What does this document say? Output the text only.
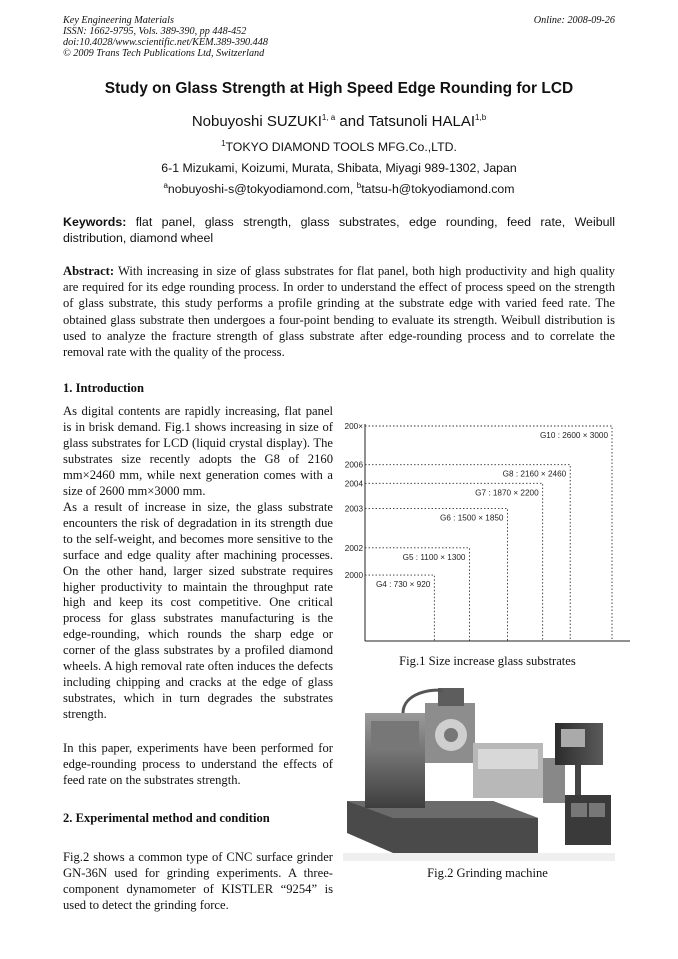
Key Engineering Materials
ISSN: 1662-9795, Vols. 389-390, pp 448-452
doi:10.4028/www.scientific.net/KEM.389-390.448
© 2009 Trans Tech Publications Ltd, Switzerland
Online: 2008-09-26
Study on Glass Strength at High Speed Edge Rounding for LCD
Nobuyoshi SUZUKI$^{1, a}$ and Tatsunoli HALAI$^{1,b}$
$^1$TOKYO DIAMOND TOOLS MFG.Co.,LTD.
6-1 Mizukami, Koizumi, Murata, Shibata, Miyagi 989-1302, Japan
$^a$nobuyoshi-s@tokyodiamond.com, $^b$tatsu-h@tokyodiamond.com
Keywords: flat panel, glass strength, glass substrates, edge rounding, feed rate, Weibull distribution, diamond wheel
Abstract: With increasing in size of glass substrates for flat panel, both high productivity and high quality are required for its edge rounding process. In order to understand the effect of process speed on the strength of glass substrate, this study performs a profile grinding at the substrate edge with varied feed rate. The obtained glass substrate then undergoes a four-point bending to evaluate its strength. Weibull distribution is used to analyze the fracture strength of glass substrate after edge-rounding process and to correlate the removal rate with the quality of the process.
1. Introduction
As digital contents are rapidly increasing, flat panel is in brisk demand. Fig.1 shows increasing in size of glass substrates for LCD (liquid crystal display). The substrates size recently adopts the G8 of 2160 mm×2460 mm, while next generation comes with a size of 2600 mm×3000 mm.
As a result of increase in size, the glass substrate encounters the risk of degradation in its strength due to the self-weight, and becomes more sensitive to the surface and edge quality after machining processes. On the other hand, larger sized substrate requires higher productivity to maintain the throughput rate high and keep its cost competitive. One critical process for glass substrates manufacturing is the edge-rounding, which rounds the sharp edge or corner of the glass substrates by a profiled diamond wheels. A high removal rate often induces the defects including chipping and cracks at the edge of glass substrates, which in turn degrades the substrates strength.
In this paper, experiments have been performed for edge-rounding process to understand the effects of feed rate on the substrates strength.
2. Experimental method and condition
Fig.2 shows a common type of CNC surface grinder GN-36N used for grinding experiments. A three-component dynamometer of KISTLER “9254” is used to detect the grinding force.
2000
G4 : 730 × 920
2002
G5 : 1100 × 1300
2003
G6 : 1500 × 1850
2004
G7 : 1870 × 2200
2006
G8 : 2160 × 2460
200×
G10 : 2600 × 3000
Fig.1 Size increase glass substrates
Fig.2 Grinding machine
